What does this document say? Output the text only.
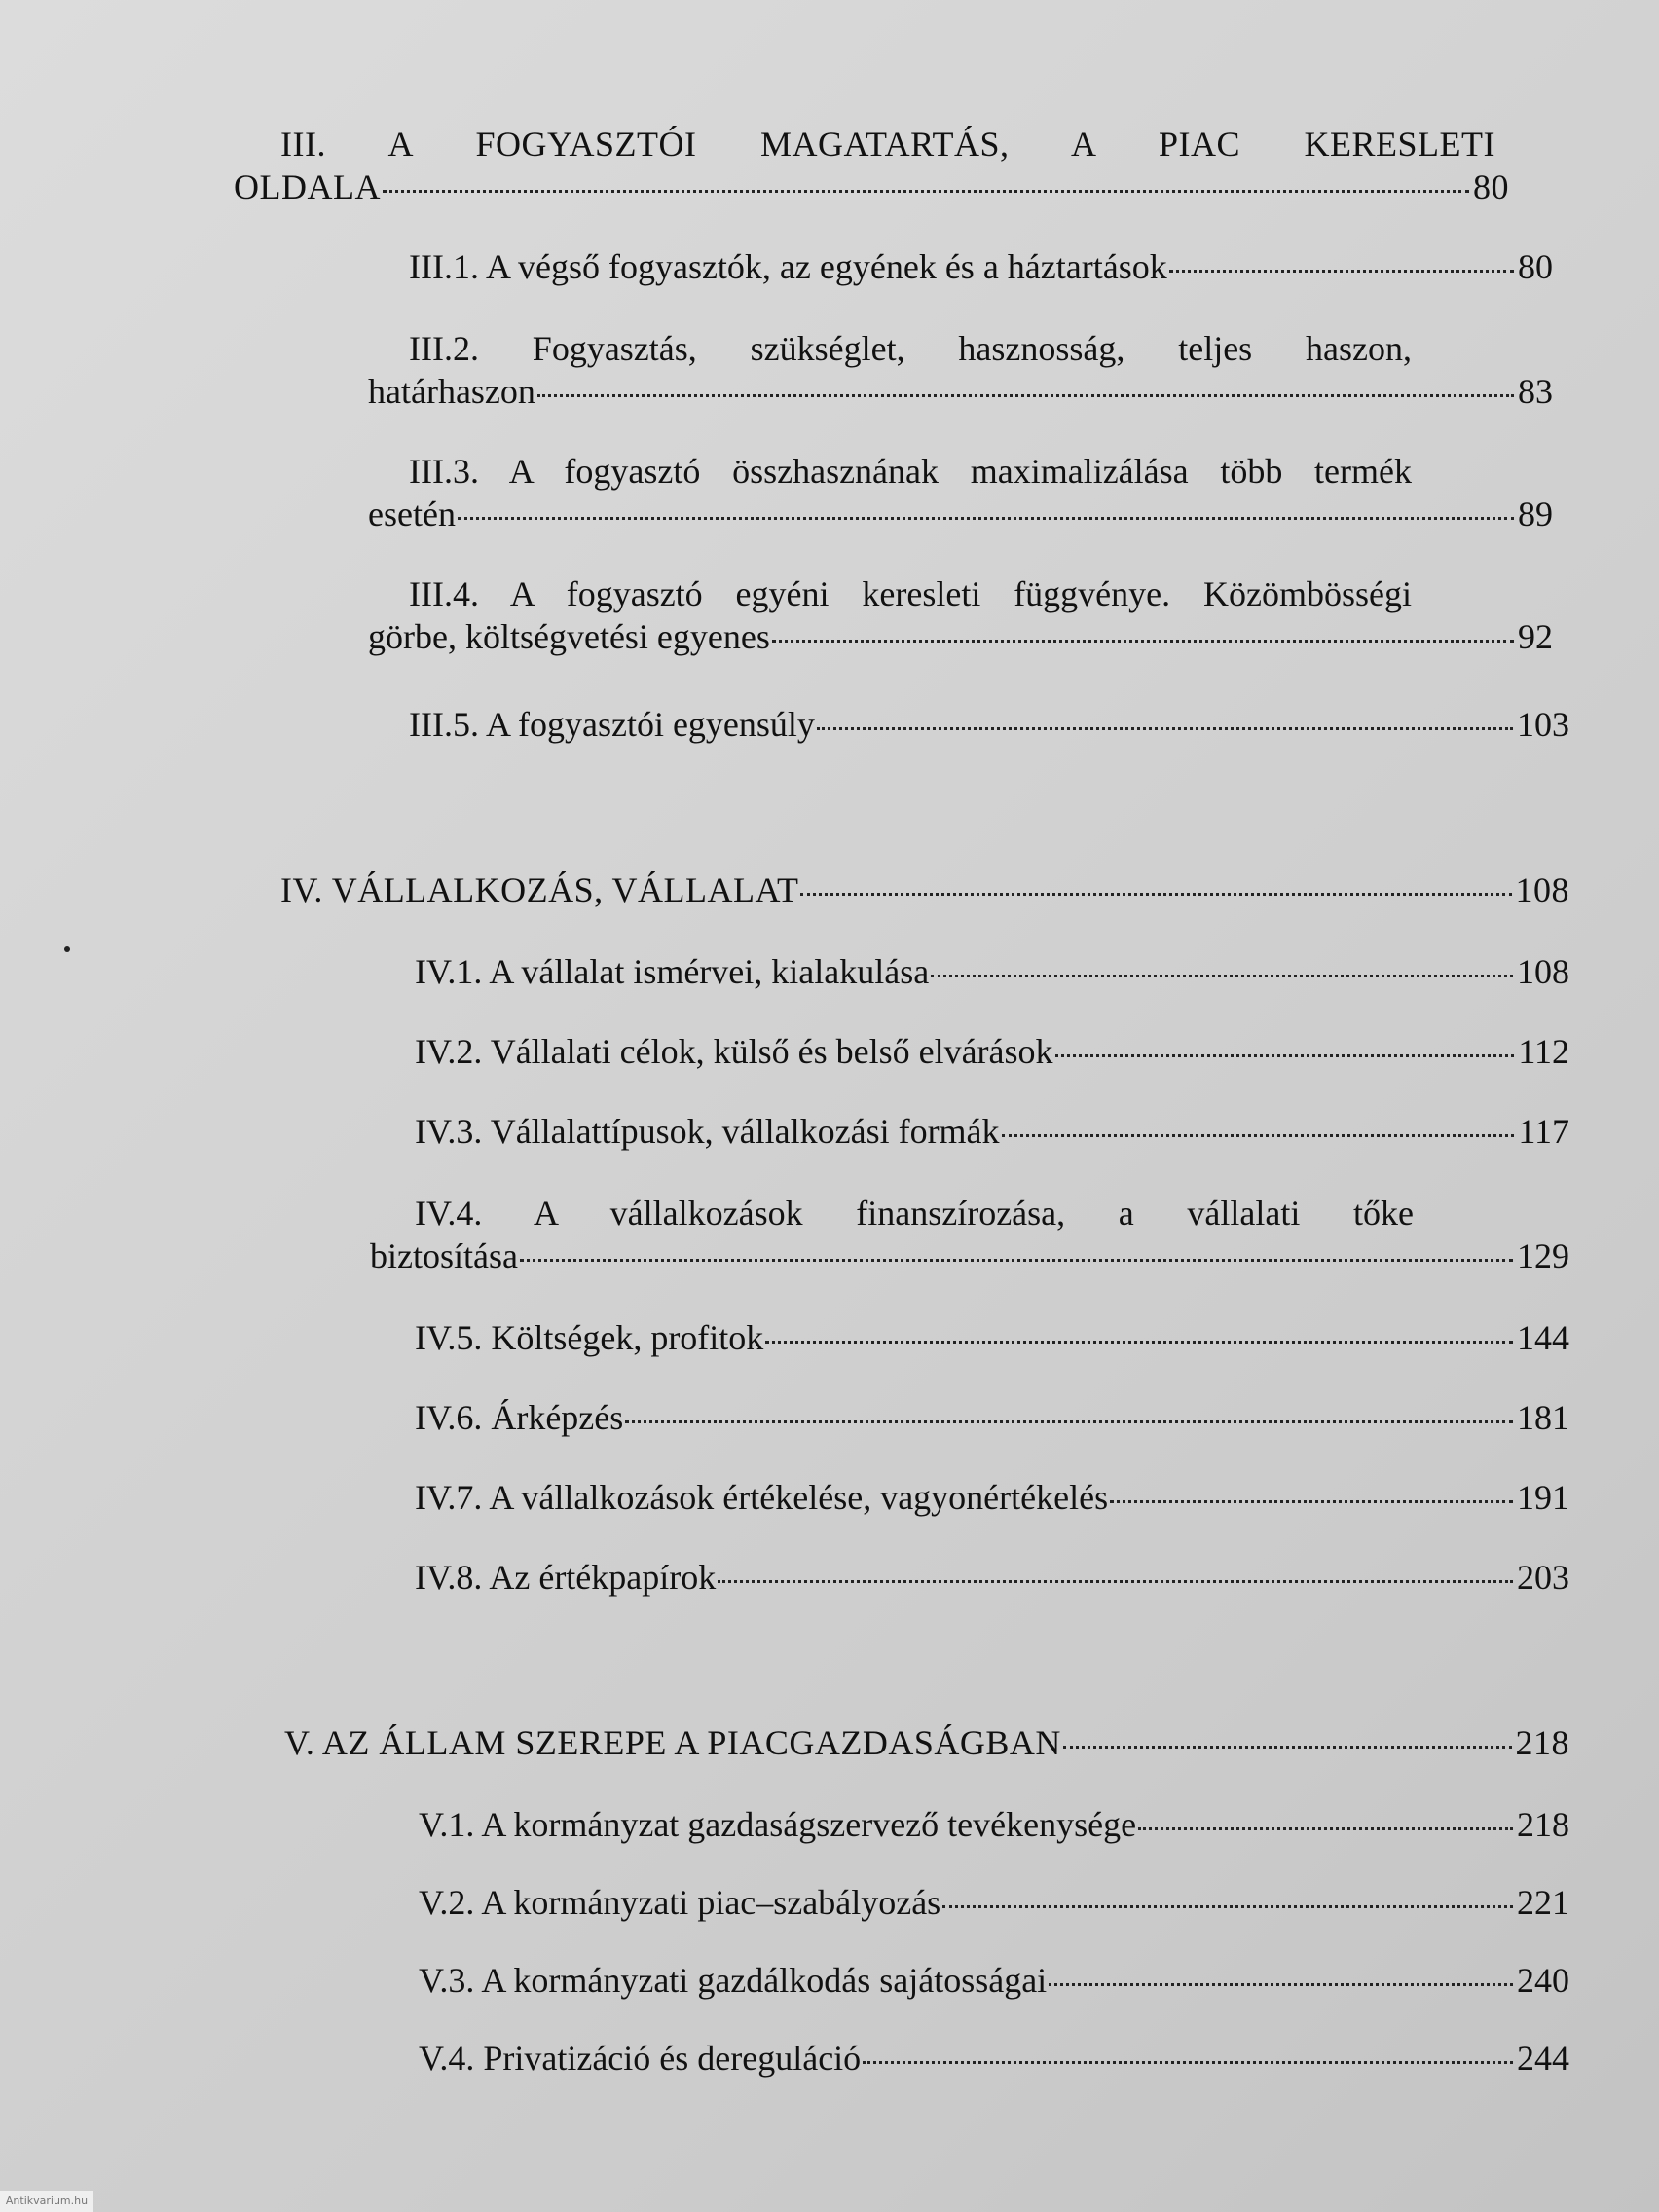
III. A FOGYASZTÓI MAGATARTÁS, A PIAC KERESLETI
OLDALA	80
III.1. A végső fogyasztók, az egyének és a háztartások	80
III.2. Fogyasztás, szükséglet, hasznosság, teljes haszon,
határhaszon	83
III.3. A fogyasztó összhasznának maximalizálása több termék
esetén	89
III.4. A fogyasztó egyéni keresleti függvénye. Közömbösségi
görbe, költségvetési egyenes	92
III.5. A fogyasztói egyensúly	103
IV. VÁLLALKOZÁS, VÁLLALAT	108
IV.1. A vállalat ismérvei, kialakulása	108
IV.2. Vállalati célok, külső és belső elvárások	112
IV.3. Vállalattípusok, vállalkozási formák	117
IV.4. A vállalkozások finanszírozása, a vállalati tőke
biztosítása	129
IV.5. Költségek, profitok	144
IV.6. Árképzés	181
IV.7. A vállalkozások értékelése, vagyonértékelés	191
IV.8. Az értékpapírok	203
V. AZ ÁLLAM SZEREPE A PIACGAZDASÁGBAN	218
V.1. A kormányzat gazdaságszervező tevékenysége	218
V.2. A kormányzati piac–szabályozás	221
V.3. A kormányzati gazdálkodás sajátosságai	240
V.4. Privatizáció és dereguláció	244
Antikvarium.hu
